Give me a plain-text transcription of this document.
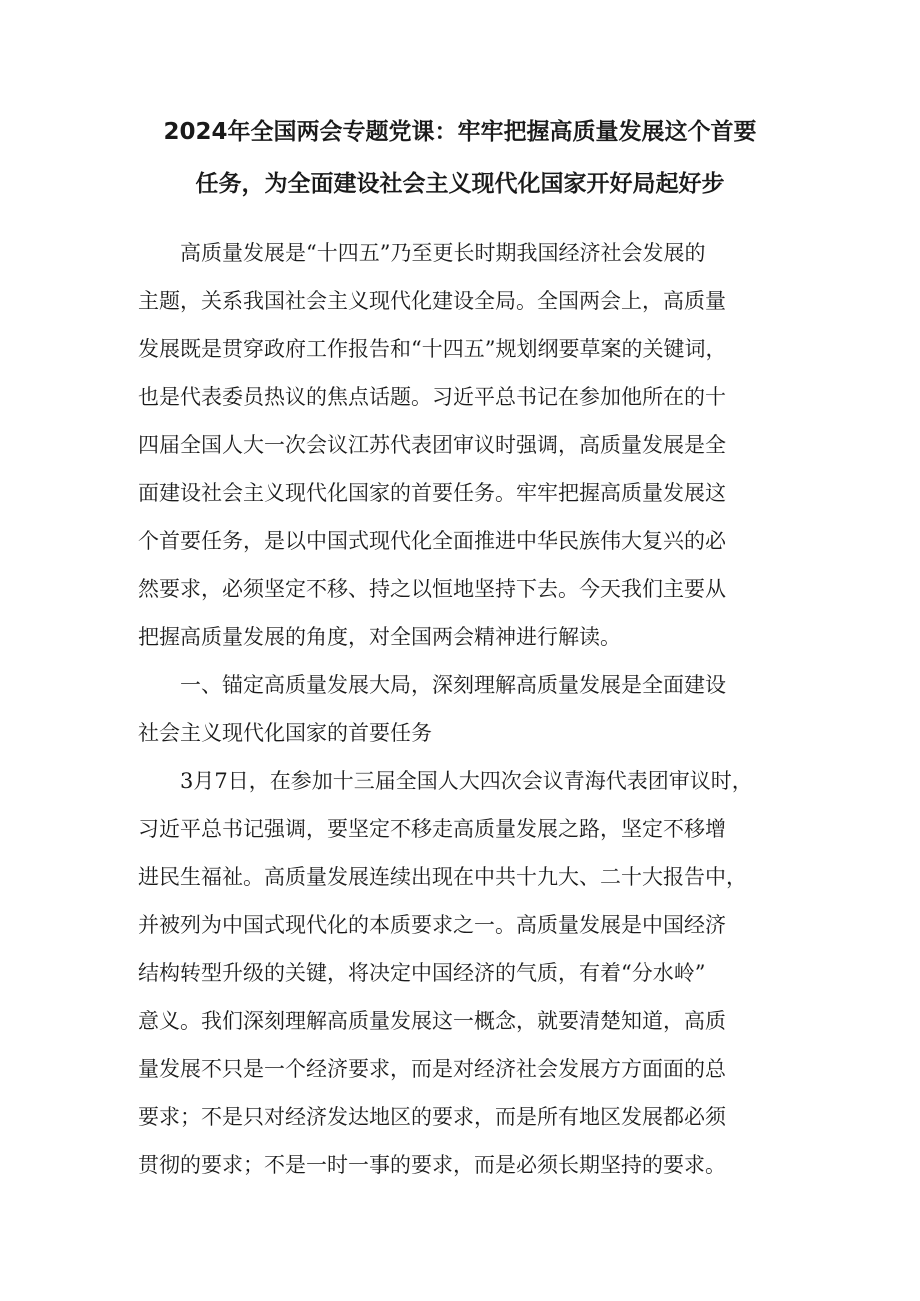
2024年全国两会专题党课：牢牢把握高质量发展这个首要
任务，为全面建设社会主义现代化国家开好局起好步

高质量发展是“十四五”乃至更长时期我国经济社会发展的

主题，关系我国社会主义现代化建设全局。全国两会上，高质量

发展既是贯穿政府工作报告和“十四五”规划纲要草案的关键词，

也是代表委员热议的焦点话题。习近平总书记在参加他所在的十

四届全国人大一次会议江苏代表团审议时强调，高质量发展是全

面建设社会主义现代化国家的首要任务。牢牢把握高质量发展这

个首要任务，是以中国式现代化全面推进中华民族伟大复兴的必

然要求，必须坚定不移、持之以恒地坚持下去。今天我们主要从

把握高质量发展的角度，对全国两会精神进行解读。

一、锚定高质量发展大局，深刻理解高质量发展是全面建设

社会主义现代化国家的首要任务

3月7日，在参加十三届全国人大四次会议青海代表团审议时，

习近平总书记强调，要坚定不移走高质量发展之路，坚定不移增

进民生福祉。高质量发展连续出现在中共十九大、二十大报告中，

并被列为中国式现代化的本质要求之一。高质量发展是中国经济

结构转型升级的关键，将决定中国经济的气质，有着“分水岭”

意义。我们深刻理解高质量发展这一概念，就要清楚知道，高质

量发展不只是一个经济要求，而是对经济社会发展方方面面的总

要求；不是只对经济发达地区的要求，而是所有地区发展都必须

贯彻的要求；不是一时一事的要求，而是必须长期坚持的要求。
